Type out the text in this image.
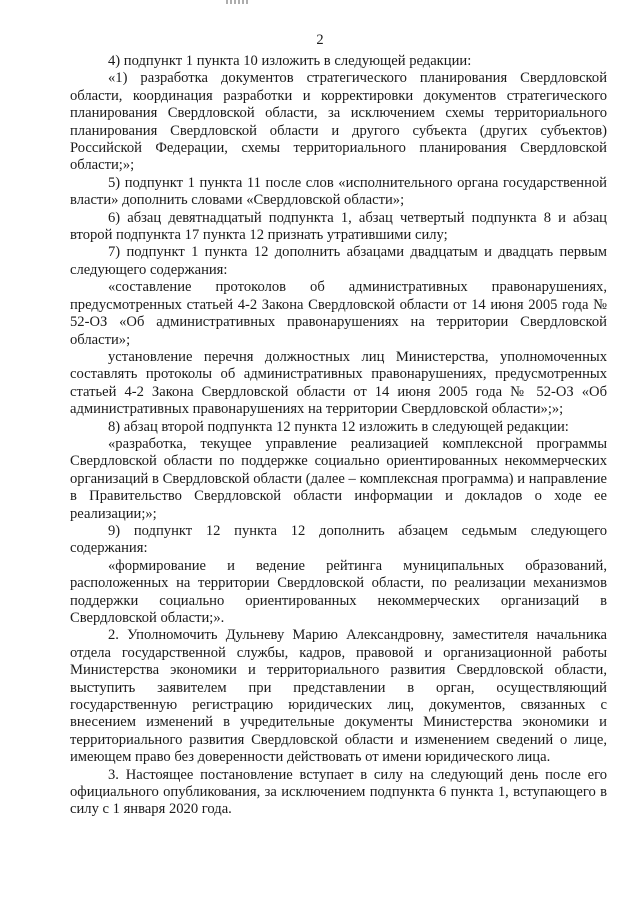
2

4) подпункт 1 пункта 10 изложить в следующей редакции:

«1) разработка документов стратегического планирования Свердловской области, координация разработки и корректировки документов стратегического планирования Свердловской области, за исключением схемы территориального планирования Свердловской области и другого субъекта (других субъектов) Российской Федерации, схемы территориального планирования Свердловской области;»;

5) подпункт 1 пункта 11 после слов «исполнительного органа государственной власти» дополнить словами «Свердловской области»;

6) абзац девятнадцатый подпункта 1, абзац четвертый подпункта 8 и абзац второй подпункта 17 пункта 12 признать утратившими силу;

7) подпункт 1 пункта 12 дополнить абзацами двадцатым и двадцать первым следующего содержания:

«составление протоколов об административных правонарушениях, предусмотренных статьей 4-2 Закона Свердловской области от 14 июня 2005 года № 52-ОЗ «Об административных правонарушениях на территории Свердловской области»;

установление перечня должностных лиц Министерства, уполномоченных составлять протоколы об административных правонарушениях, предусмотренных статьей 4-2 Закона Свердловской области от 14 июня 2005 года № 52-ОЗ «Об административных правонарушениях на территории Свердловской области»;»;

8) абзац второй подпункта 12 пункта 12 изложить в следующей редакции:

«разработка, текущее управление реализацией комплексной программы Свердловской области по поддержке социально ориентированных некоммерческих организаций в Свердловской области (далее – комплексная программа) и направление в Правительство Свердловской области информации и докладов о ходе ее реализации;»;

9) подпункт 12 пункта 12 дополнить абзацем седьмым следующего содержания:

«формирование и ведение рейтинга муниципальных образований, расположенных на территории Свердловской области, по реализации механизмов поддержки социально ориентированных некоммерческих организаций в Свердловской области;».

2. Уполномочить Дульневу Марию Александровну, заместителя начальника отдела государственной службы, кадров, правовой и организационной работы Министерства экономики и территориального развития Свердловской области, выступить заявителем при представлении в орган, осуществляющий государственную регистрацию юридических лиц, документов, связанных с внесением изменений в учредительные документы Министерства экономики и территориального развития Свердловской области и изменением сведений о лице, имеющем право без доверенности действовать от имени юридического лица.

3. Настоящее постановление вступает в силу на следующий день после его официального опубликования, за исключением подпункта 6 пункта 1, вступающего в силу с 1 января 2020 года.
